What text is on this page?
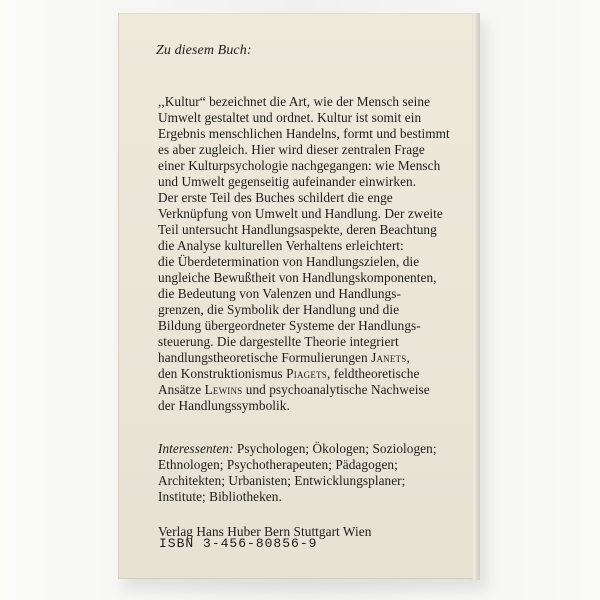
Zu diesem Buch:
,,Kultur“ bezeichnet die Art, wie der Mensch seine
Umwelt gestaltet und ordnet. Kultur ist somit ein
Ergebnis menschlichen Handelns, formt und bestimmt
es aber zugleich. Hier wird dieser zentralen Frage
einer Kulturpsychologie nachgegangen: wie Mensch
und Umwelt gegenseitig aufeinander einwirken.
Der erste Teil des Buches schildert die enge
Verknüpfung von Umwelt und Handlung. Der zweite
Teil untersucht Handlungsaspekte, deren Beachtung
die Analyse kulturellen Verhaltens erleichtert:
die Überdetermination von Handlungszielen, die
ungleiche Bewußtheit von Handlungskomponenten,
die Bedeutung von Valenzen und Handlungs-
grenzen, die Symbolik der Handlung und die
Bildung übergeordneter Systeme der Handlungs-
steuerung. Die dargestellte Theorie integriert
handlungstheoretische Formulierungen Janets,
den Konstruktionismus Piagets, feldtheoretische
Ansätze Lewins und psychoanalytische Nachweise
der Handlungssymbolik.
Interessenten: Psychologen; Ökologen; Soziologen;
Ethnologen; Psychotherapeuten; Pädagogen;
Architekten; Urbanisten; Entwicklungsplaner;
Institute; Bibliotheken.
Verlag Hans Huber Bern Stuttgart Wien
ISBN 3-456-80856-9
